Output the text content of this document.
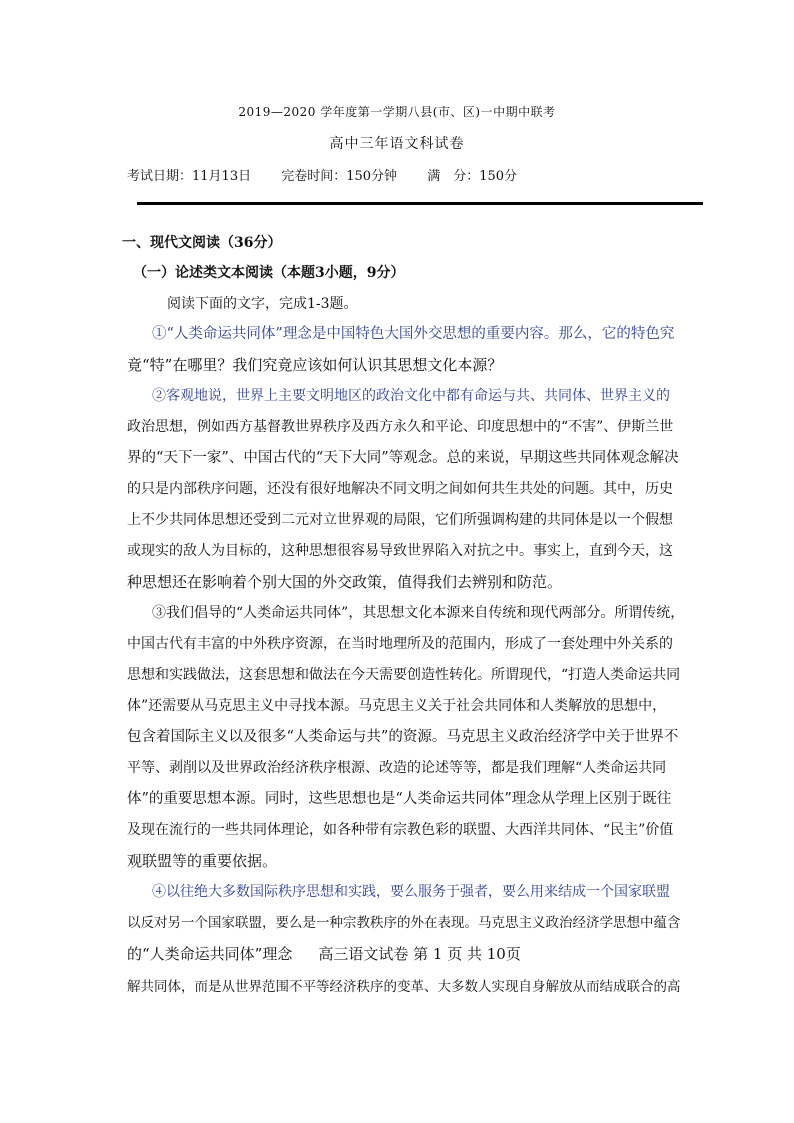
2019—2020 学年度第一学期八县(市、区)一中期中联考
高中三年语文科试卷
考试日期：11月13日 完卷时间：150分钟 满　分：150分
一、现代文阅读（36分）
（一）论述类文本阅读（本题3小题，9分）
阅读下面的文字，完成1-3题。
①“人类命运共同体”理念是中国特色大国外交思想的重要内容。那么，它的特色究
竟“特”在哪里？我们究竟应该如何认识其思想文化本源？
②客观地说，世界上主要文明地区的政治文化中都有命运与共、共同体、世界主义的
政治思想，例如西方基督教世界秩序及西方永久和平论、印度思想中的“不害”、伊斯兰世
界的“天下一家”、中国古代的“天下大同”等观念。总的来说，早期这些共同体观念解决
的只是内部秩序问题，还没有很好地解决不同文明之间如何共生共处的问题。其中，历史
上不少共同体思想还受到二元对立世界观的局限，它们所强调构建的共同体是以一个假想
或现实的敌人为目标的，这种思想很容易导致世界陷入对抗之中。事实上，直到今天，这
种思想还在影响着个别大国的外交政策，值得我们去辨别和防范。
③我们倡导的“人类命运共同体”，其思想文化本源来自传统和现代两部分。所谓传统，
中国古代有丰富的中外秩序资源，在当时地理所及的范围内，形成了一套处理中外关系的
思想和实践做法，这套思想和做法在今天需要创造性转化。所谓现代，“打造人类命运共同
体”还需要从马克思主义中寻找本源。马克思主义关于社会共同体和人类解放的思想中，
包含着国际主义以及很多“人类命运与共”的资源。马克思主义政治经济学中关于世界不
平等、剥削以及世界政治经济秩序根源、改造的论述等等，都是我们理解“人类命运共同
体”的重要思想本源。同时，这些思想也是“人类命运共同体”理念从学理上区别于既往
及现在流行的一些共同体理论，如各种带有宗教色彩的联盟、大西洋共同体、“民主”价值
观联盟等的重要依据。
④以往绝大多数国际秩序思想和实践，要么服务于强者，要么用来结成一个国家联盟
以反对另一个国家联盟，要么是一种宗教秩序的外在表现。马克思主义政治经济学思想中蕴含
的“人类命运共同体”理念 高三语文试卷 第 1 页 共 10页
解共同体，而是从世界范围不平等经济秩序的变革、大多数人实现自身解放从而结成联合的高
